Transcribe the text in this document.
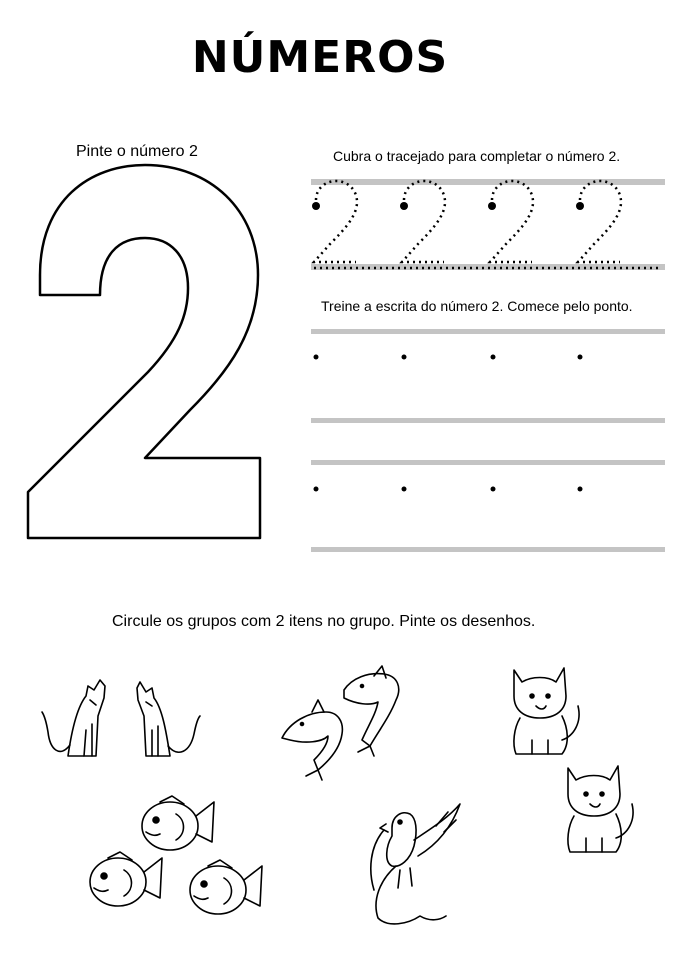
NÚMEROS
Pinte o número 2	Cubra o tracejado para completar o número 2.
Treine a escrita do número 2. Comece pelo ponto.
Circule os grupos com 2 itens no grupo. Pinte os desenhos.
